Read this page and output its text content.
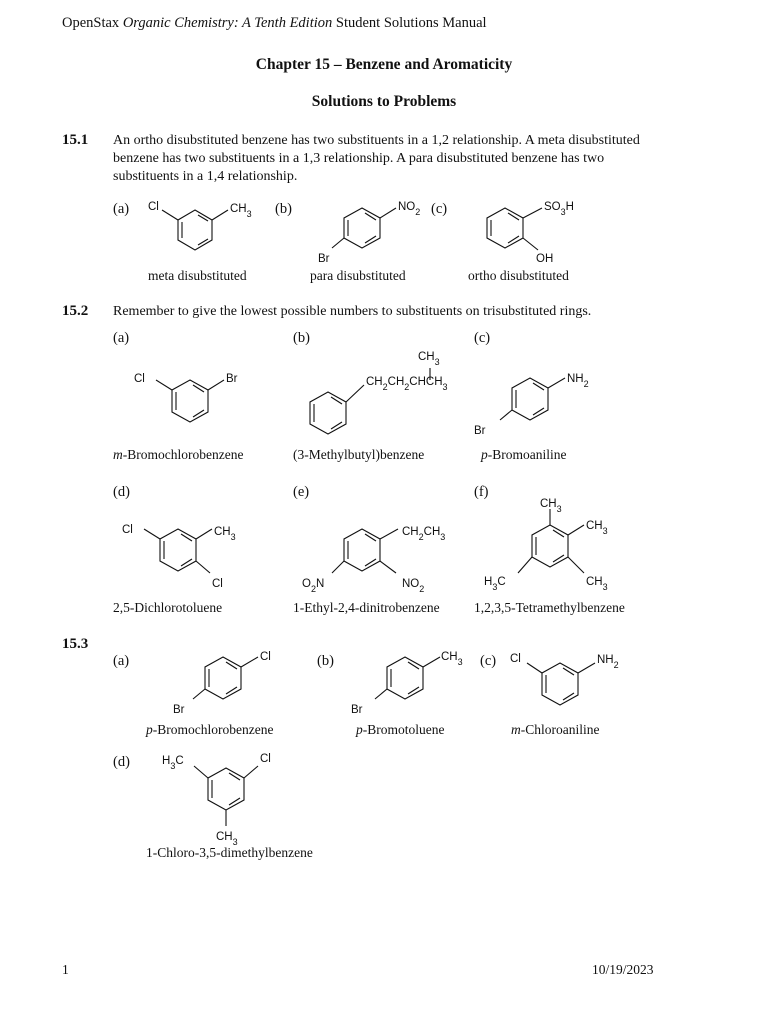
OpenStax Organic Chemistry: A Tenth Edition Student Solutions Manual
Chapter 15 – Benzene and Aromaticity
Solutions to Problems
15.1 An ortho disubstituted benzene has two substituents in a 1,2 relationship. A meta disubstituted benzene has two substituents in a 1,3 relationship. A para disubstituted benzene has two substituents in a 1,4 relationship.
(a)	(b)	(c)
Cl	$CH_3$
$NO_2$
Br
$SO_3H$
OH
meta disubstituted	para disubstituted	ortho disubstituted
15.2 Remember to give the lowest possible numbers to substituents on trisubstituted rings.
(a)	(b)	(c)
Cl	Br
$CH_3$
$CH_2CH_2CHCH_3$
$NH_2$
Br
m-Bromochlorobenzene	(3-Methylbutyl)benzene	p-Bromoaniline
(d)	(e)	(f)
Cl	$CH_3$
Cl
$CH_2CH_3$
$O_2N$	$NO_2$
$CH_3$
$CH_3$
$H_3C$	$CH_3$
2,5-Dichlorotoluene	1-Ethyl-2,4-dinitrobenzene	1,2,3,5-Tetramethylbenzene
15.3
(a)	(b)	(c)
Cl
Br
$CH_3$
Br
Cl	$NH_2$
p-Bromochlorobenzene	p-Bromotoluene	m-Chloroaniline
(d)	$H_3C$	Cl
$CH_3$
1-Chloro-3,5-dimethylbenzene
1	10/19/2023
